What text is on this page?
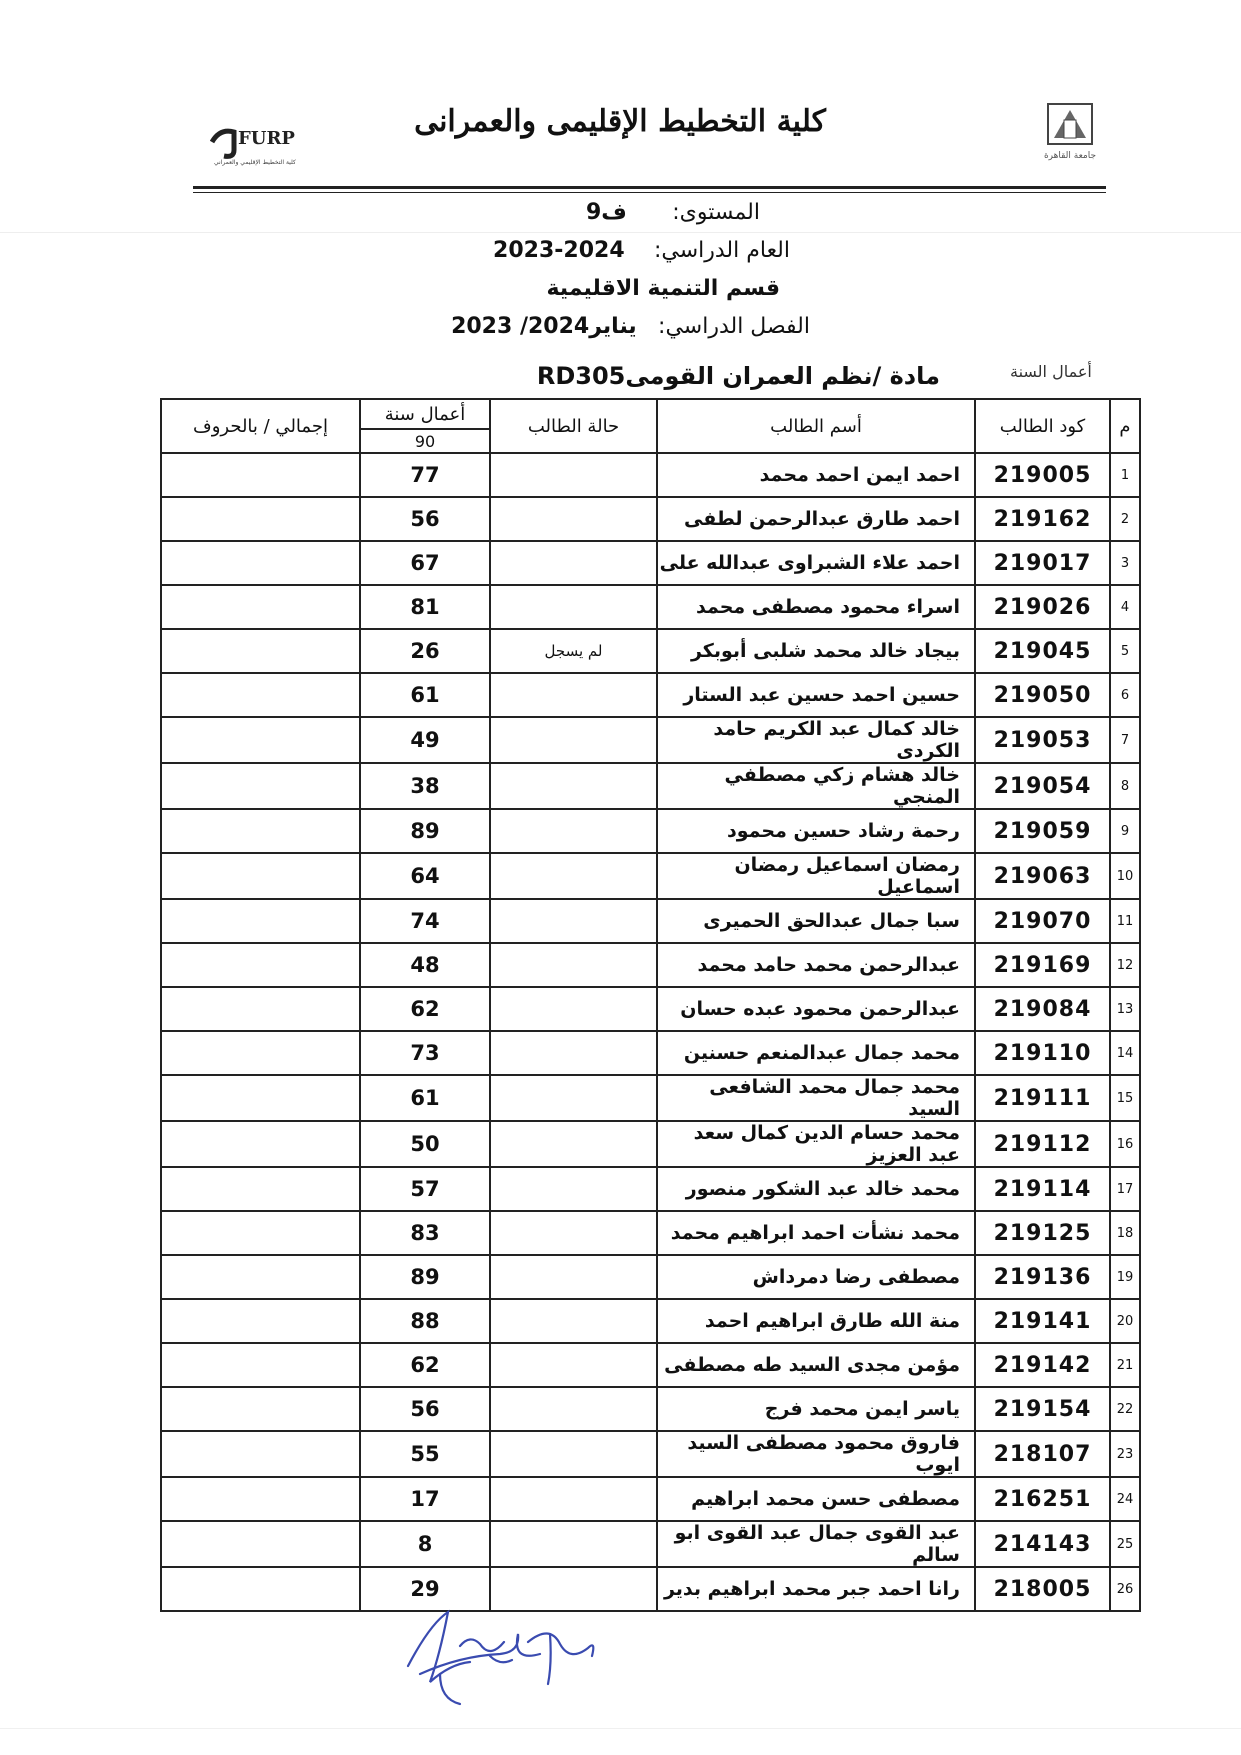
جامعة القاهرة
كلية التخطيط الإقليمى والعمرانى
FURP
كلية التخطيط الإقليمي والعمراني
المستوى:  ف9
العام الدراسي:  2024-2023
قسم التنمية الاقليمية
الفصل الدراسي:  يناير2024/ 2023
أعمال السنة
مادة /نظم العمران القومىRD305
م	كود الطالب	أسم الطالب	حالة الطالب	أعمال سنة	إجمالي / بالحروف
				90	
1	219005	احمد ايمن احمد محمد		77	
2	219162	احمد طارق عبدالرحمن لطفى		56	
3	219017	احمد علاء الشبراوى عبدالله على		67	
4	219026	اسراء محمود مصطفى محمد		81	
5	219045	بيجاد خالد محمد شلبى أبوبكر	لم يسجل	26	
6	219050	حسين احمد حسين عبد الستار		61	
7	219053	خالد كمال عبد الكريم حامد الكردى		49	
8	219054	خالد هشام زكي مصطفي المنجي		38	
9	219059	رحمة رشاد حسين محمود		89	
10	219063	رمضان اسماعيل رمضان اسماعيل		64	
11	219070	سبا جمال عبدالحق الحميرى		74	
12	219169	عبدالرحمن محمد حامد محمد		48	
13	219084	عبدالرحمن محمود عبده حسان		62	
14	219110	محمد جمال عبدالمنعم حسنين		73	
15	219111	محمد جمال محمد الشافعى السيد		61	
16	219112	محمد حسام الدين كمال سعد عبد العزيز		50	
17	219114	محمد خالد عبد الشكور منصور		57	
18	219125	محمد نشأت احمد ابراهيم محمد		83	
19	219136	مصطفى رضا دمرداش		89	
20	219141	منة الله طارق ابراهيم احمد		88	
21	219142	مؤمن مجدى السيد طه مصطفى		62	
22	219154	ياسر ايمن محمد فرج		56	
23	218107	فاروق محمود مصطفى السيد ايوب		55	
24	216251	مصطفى حسن محمد ابراهيم		17	
25	214143	عبد القوى جمال عبد القوى ابو سالم		8	
26	218005	رانا احمد جبر محمد ابراهيم بدير		29	
